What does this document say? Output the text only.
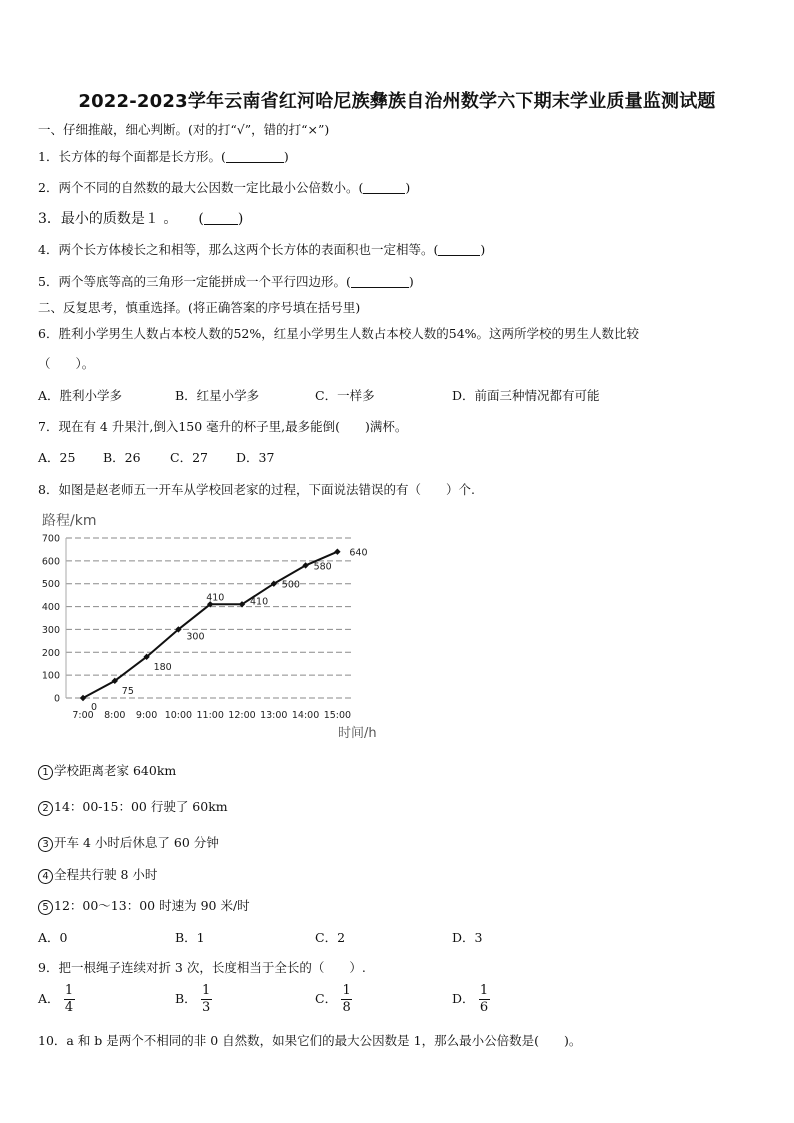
2022-2023学年云南省红河哈尼族彝族自治州数学六下期末学业质量监测试题
一、仔细推敲，细心判断。(对的打“√”，错的打“×”)
1．长方体的每个面都是长方形。(	)
2．两个不同的自然数的最大公因数一定比最小公倍数小。(	)
3．最小的质数是１ 。　　( )
4．两个长方体棱长之和相等，那么这两个长方体的表面积也一定相等。(	)
5．两个等底等高的三角形一定能拼成一个平行四边形。(	)
二、反复思考，慎重选择。(将正确答案的序号填在括号里)
6．胜利小学男生人数占本校人数的52%，红星小学男生人数占本校人数的54%。这两所学校的男生人数比较
（　　）。
A．胜利小学多	B．红星小学多	C．一样多	D．前面三种情况都有可能
7．现在有 4 升果汁,倒入150 毫升的杯子里,最多能倒(　　)满杯。
A．25 B．26 C．27 D．37
8．如图是赵老师五一开车从学校回老家的过程，下面说法错误的有（　　）个.
路程/km
0
100
200
300
400
500
600
700
7:00 8:00 9:00 10:00 11:00 12:00 13:00 14:00 15:00
0
75
180
300
410	410
500
580
640
时间/h
1 学校距离老家 640km
2 14：00-15：00 行驶了 60km
3 开车 4 小时后休息了 60 分钟
4 全程共行驶 8 小时
5 12：00～13：00 时速为 90 米/时
A．0	B．1	C．2	D．3
9．把一根绳子连续对折 3 次，长度相当于全长的（　　）.
A． $\frac{1}{4}$	B． $\frac{1}{3}$	C． $\frac{1}{8}$	D． $\frac{1}{6}$
10．a 和 b 是两个不相同的非 0 自然数，如果它们的最大公因数是 1，那么最小公倍数是(　　)。
